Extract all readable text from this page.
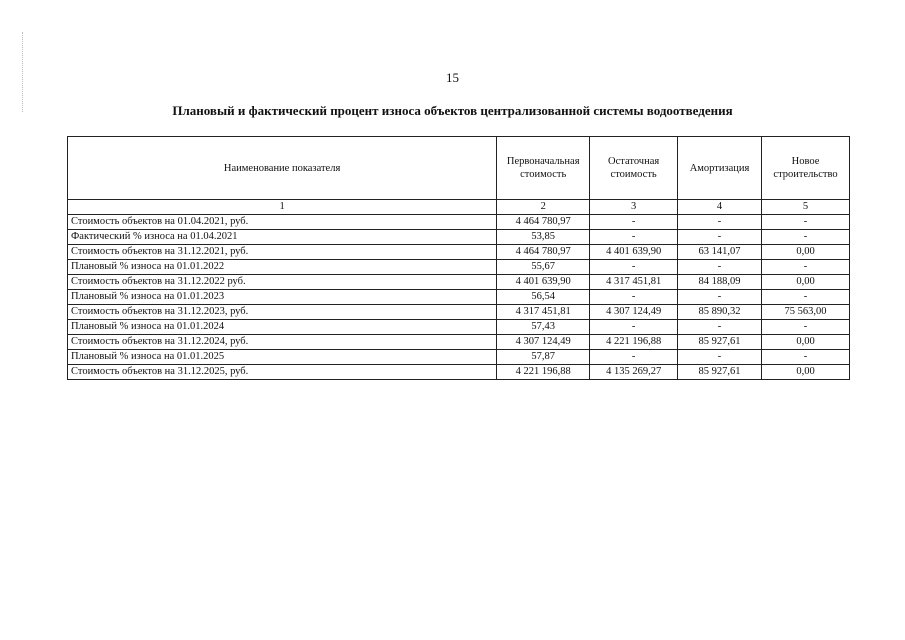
15
Плановый и фактический процент износа объектов централизованной системы водоотведения
Наименование показателя	Первоначальная стоимость	Остаточная стоимость	Амортизация	Новое строительство
1	2	3	4	5
Стоимость объектов на 01.04.2021, руб.	4 464 780,97	-	-	-
Фактический % износа на 01.04.2021	53,85	-	-	-
Стоимость объектов на 31.12.2021, руб.	4 464 780,97	4 401 639,90	63 141,07	0,00
Плановый % износа на 01.01.2022	55,67	-	-	-
Стоимость объектов на 31.12.2022 руб.	4 401 639,90	4 317 451,81	84 188,09	0,00
Плановый % износа на 01.01.2023	56,54	-	-	-
Стоимость объектов на 31.12.2023, руб.	4 317 451,81	4 307 124,49	85 890,32	75 563,00
Плановый % износа на 01.01.2024	57,43	-	-	-
Стоимость объектов на 31.12.2024, руб.	4 307 124,49	4 221 196,88	85 927,61	0,00
Плановый % износа на 01.01.2025	57,87	-	-	-
Стоимость объектов на 31.12.2025, руб.	4 221 196,88	4 135 269,27	85 927,61	0,00
